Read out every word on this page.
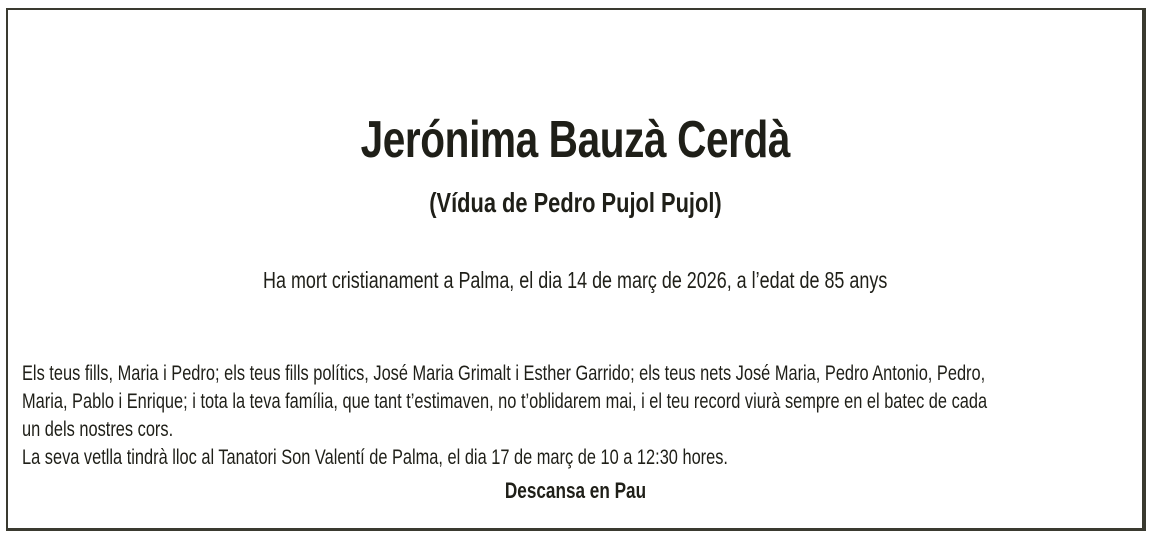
Jerónima Bauzà Cerdà
(Vídua de Pedro Pujol Pujol)
Ha mort cristianament a Palma, el dia 14 de març de 2026, a l’edat de 85 anys
Els teus fills, Maria i Pedro; els teus fills polítics, José Maria Grimalt i Esther Garrido; els teus nets José Maria, Pedro Antonio, Pedro,
Maria, Pablo i Enrique; i tota la teva família, que tant t’estimaven, no t’oblidarem mai, i el teu record viurà sempre en el batec de cada
un dels nostres cors.
La seva vetlla tindrà lloc al Tanatori Son Valentí de Palma, el dia 17 de març de 10 a 12:30 hores.
Descansa en Pau
